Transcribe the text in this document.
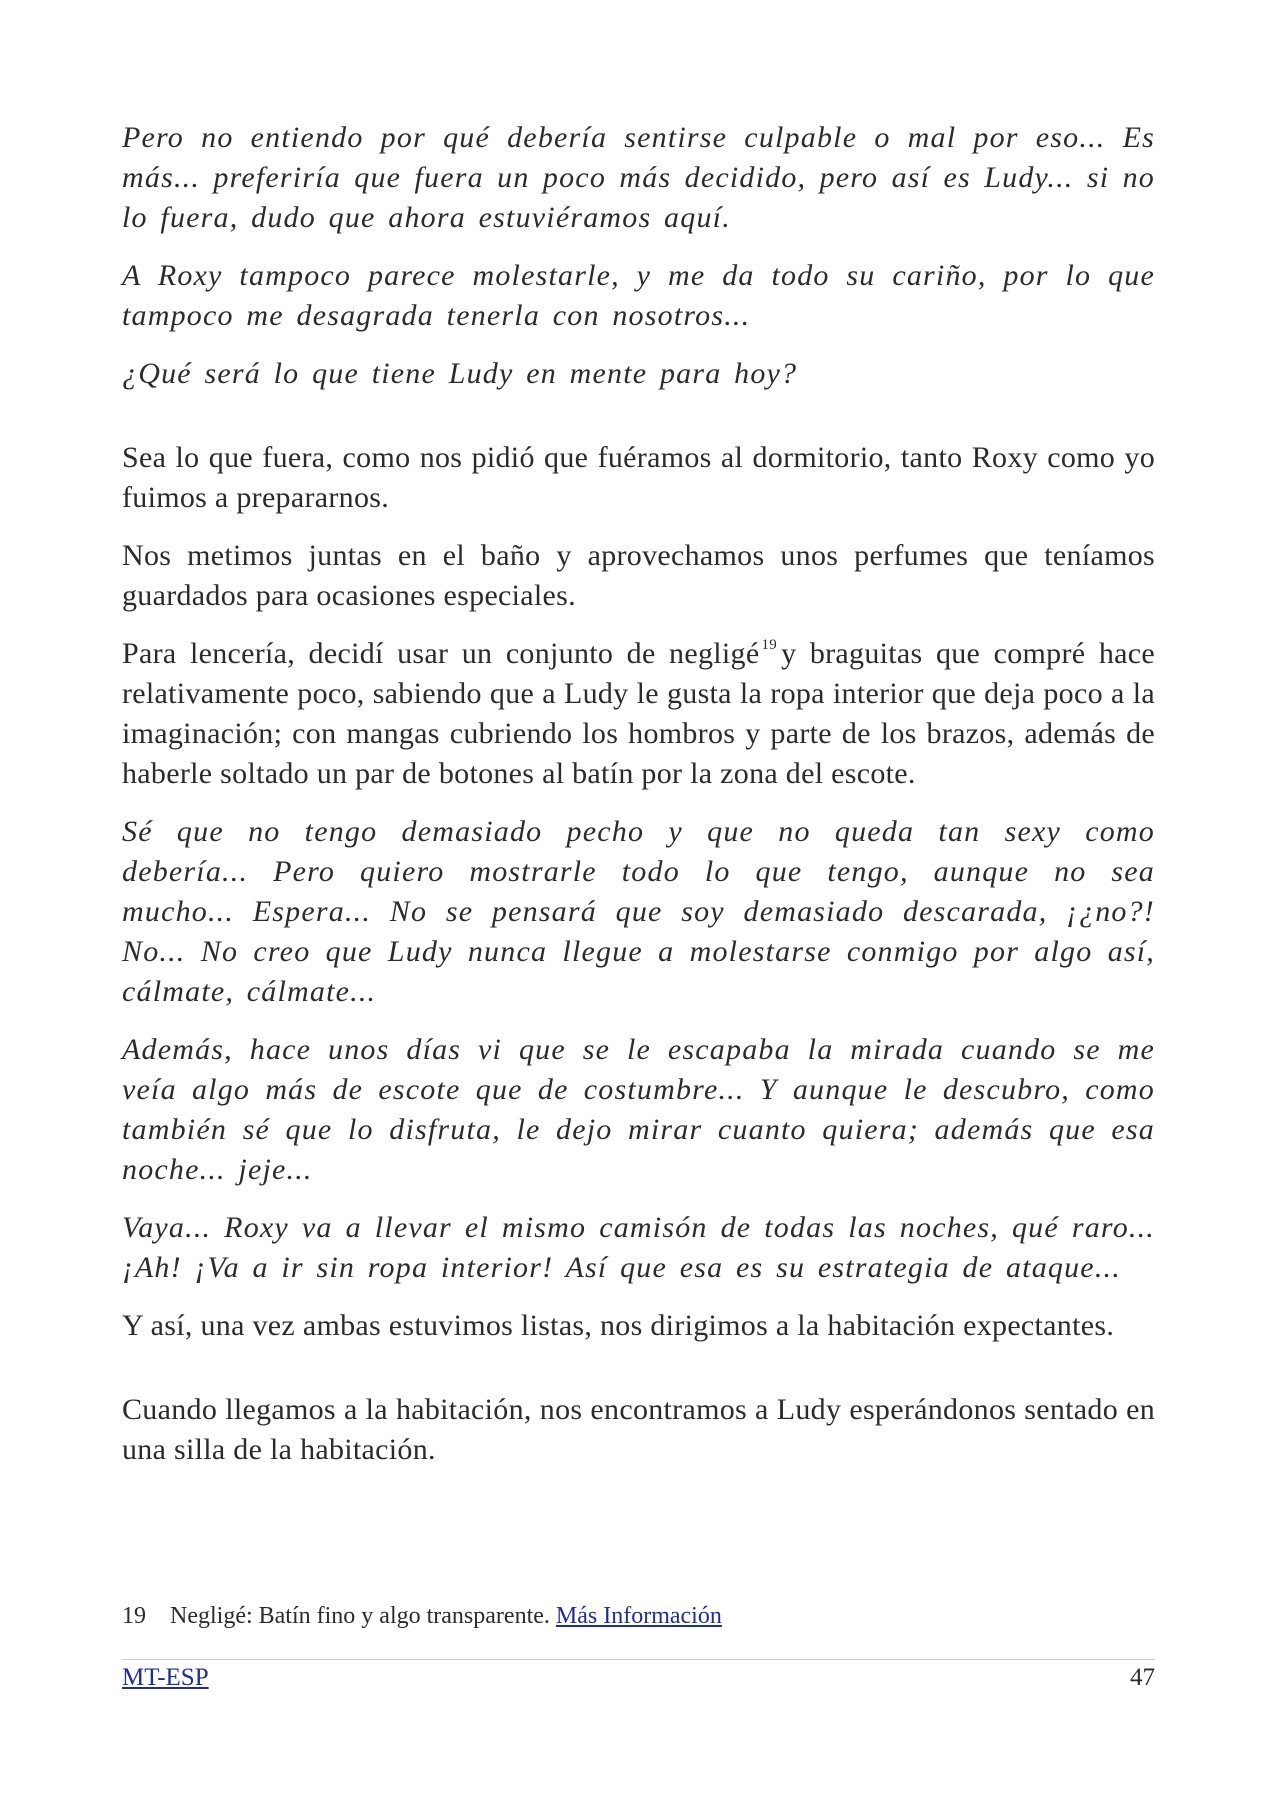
Pero no entiendo por qué debería sentirse culpable o mal por eso... Es más... preferiría que fuera un poco más decidido, pero así es Ludy... si no lo fuera, dudo que ahora estuviéramos aquí.

A Roxy tampoco parece molestarle, y me da todo su cariño, por lo que tampoco me desagrada tenerla con nosotros...

¿Qué será lo que tiene Ludy en mente para hoy?

Sea lo que fuera, como nos pidió que fuéramos al dormitorio, tanto Roxy como yo fuimos a prepararnos.

Nos metimos juntas en el baño y aprovechamos unos perfumes que teníamos guardados para ocasiones especiales.

Para lencería, decidí usar un conjunto de negligé $^{19}$ y braguitas que compré hace relativamente poco, sabiendo que a Ludy le gusta la ropa interior que deja poco a la imaginación; con mangas cubriendo los hombros y parte de los brazos, además de haberle soltado un par de botones al batín por la zona del escote.

Sé que no tengo demasiado pecho y que no queda tan sexy como debería... Pero quiero mostrarle todo lo que tengo, aunque no sea mucho... Espera... No se pensará que soy demasiado descarada, ¡¿no?! No... No creo que Ludy nunca llegue a molestarse conmigo por algo así, cálmate, cálmate...

Además, hace unos días vi que se le escapaba la mirada cuando se me veía algo más de escote que de costumbre... Y aunque le descubro, como también sé que lo disfruta, le dejo mirar cuanto quiera; además que esa noche... jeje...

Vaya... Roxy va a llevar el mismo camisón de todas las noches, qué raro... ¡Ah! ¡Va a ir sin ropa interior! Así que esa es su estrategia de ataque...

Y así, una vez ambas estuvimos listas, nos dirigimos a la habitación expectantes.

Cuando llegamos a la habitación, nos encontramos a Ludy esperándonos sentado en una silla de la habitación.

19 Negligé: Batín fino y algo transparente. Más Información
MT-ESP	47
